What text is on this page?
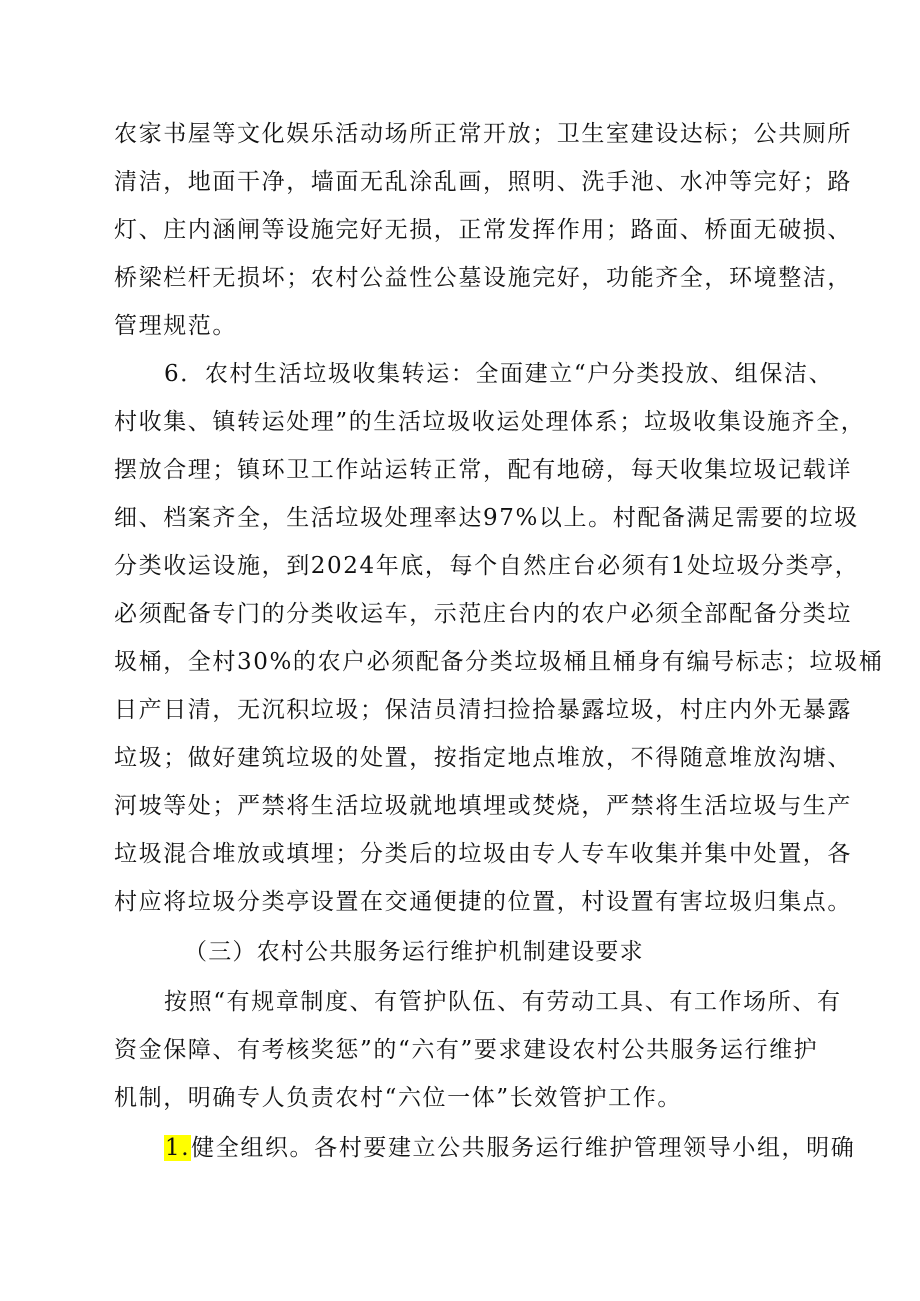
农家书屋等文化娱乐活动场所正常开放；卫生室建设达标；公共厕所
清洁，地面干净，墙面无乱涂乱画，照明、洗手池、水冲等完好；路
灯、庄内涵闸等设施完好无损，正常发挥作用；路面、桥面无破损、
桥梁栏杆无损坏；农村公益性公墓设施完好，功能齐全，环境整洁，
管理规范。
6．农村生活垃圾收集转运：全面建立“户分类投放、组保洁、
村收集、镇转运处理”的生活垃圾收运处理体系；垃圾收集设施齐全，
摆放合理；镇环卫工作站运转正常，配有地磅，每天收集垃圾记载详
细、档案齐全，生活垃圾处理率达97%以上。村配备满足需要的垃圾
分类收运设施，到2024年底，每个自然庄台必须有1处垃圾分类亭，
必须配备专门的分类收运车，示范庄台内的农户必须全部配备分类垃
圾桶，全村30%的农户必须配备分类垃圾桶且桶身有编号标志；垃圾桶
日产日清，无沉积垃圾；保洁员清扫捡拾暴露垃圾，村庄内外无暴露
垃圾；做好建筑垃圾的处置，按指定地点堆放，不得随意堆放沟塘、
河坡等处；严禁将生活垃圾就地填埋或焚烧，严禁将生活垃圾与生产
垃圾混合堆放或填埋；分类后的垃圾由专人专车收集并集中处置，各
村应将垃圾分类亭设置在交通便捷的位置，村设置有害垃圾归集点。
（三）农村公共服务运行维护机制建设要求
按照“有规章制度、有管护队伍、有劳动工具、有工作场所、有
资金保障、有考核奖惩”的“六有”要求建设农村公共服务运行维护
机制，明确专人负责农村“六位一体”长效管护工作。
1.健全组织。各村要建立公共服务运行维护管理领导小组，明确
